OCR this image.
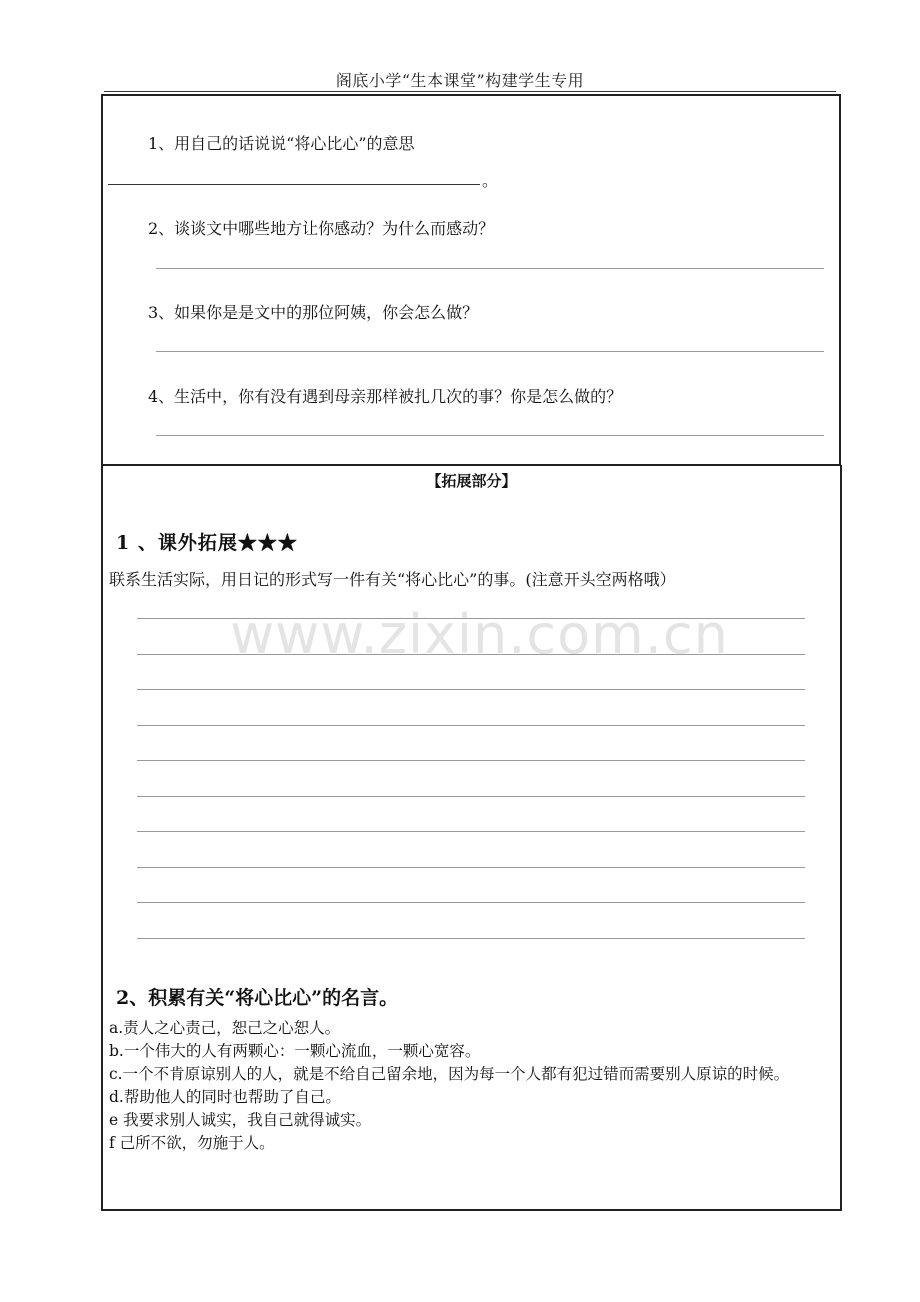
阁底小学“生本课堂”构建学生专用
1、用自己的话说说“将心比心”的意思
。
2、谈谈文中哪些地方让你感动？为什么而感动？
3、如果你是是文中的那位阿姨，你会怎么做？
4、生活中，你有没有遇到母亲那样被扎几次的事？你是怎么做的？
【拓展部分】
1 、课外拓展★★★
联系生活实际，用日记的形式写一件有关“将心比心”的事。(注意开头空两格哦）
2、积累有关“将心比心”的名言。
a.责人之心责己，恕己之心恕人。
b.一个伟大的人有两颗心：一颗心流血，一颗心宽容。
c.一个不肯原谅别人的人，就是不给自己留余地，因为每一个人都有犯过错而需要别人原谅的时候。
d.帮助他人的同时也帮助了自己。
e 我要求别人诚实，我自己就得诚实。
f 己所不欲，勿施于人。
www.zixin.com.cn
